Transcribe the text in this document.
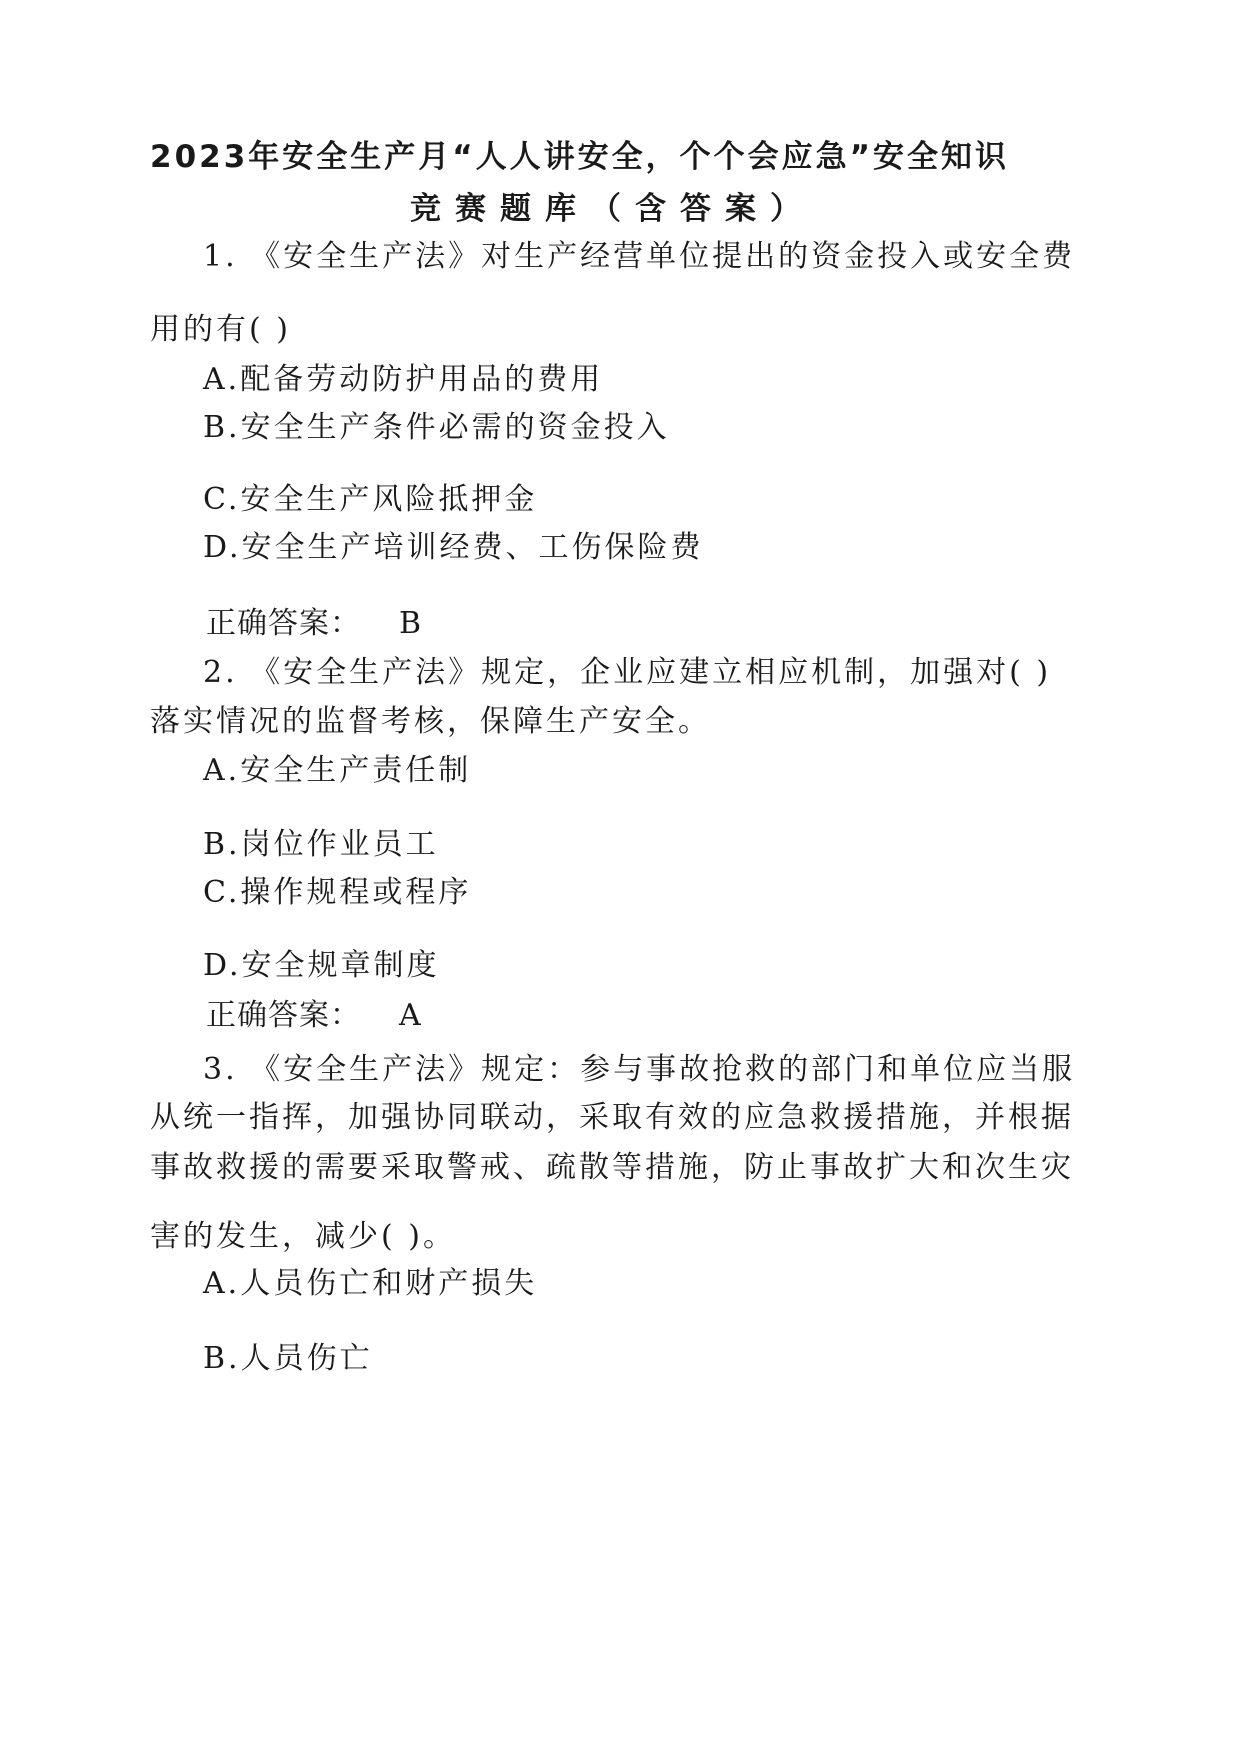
2023年安全生产月“人人讲安全，个个会应急”安全知识
竞赛题库（含答案）
1. 《安全生产法》对生产经营单位提出的资金投入或安全费
用的有( )
A.配备劳动防护用品的费用
B.安全生产条件必需的资金投入
C.安全生产风险抵押金
D.安全生产培训经费、工伤保险费
正确答案： B
2. 《安全生产法》规定，企业应建立相应机制，加强对( )
落实情况的监督考核，保障生产安全。
A.安全生产责任制
B.岗位作业员工
C.操作规程或程序
D.安全规章制度
正确答案： A
3. 《安全生产法》规定：参与事故抢救的部门和单位应当服
从统一指挥，加强协同联动，采取有效的应急救援措施，并根据
事故救援的需要采取警戒、疏散等措施，防止事故扩大和次生灾
害的发生，减少( )。
A.人员伤亡和财产损失
B.人员伤亡
